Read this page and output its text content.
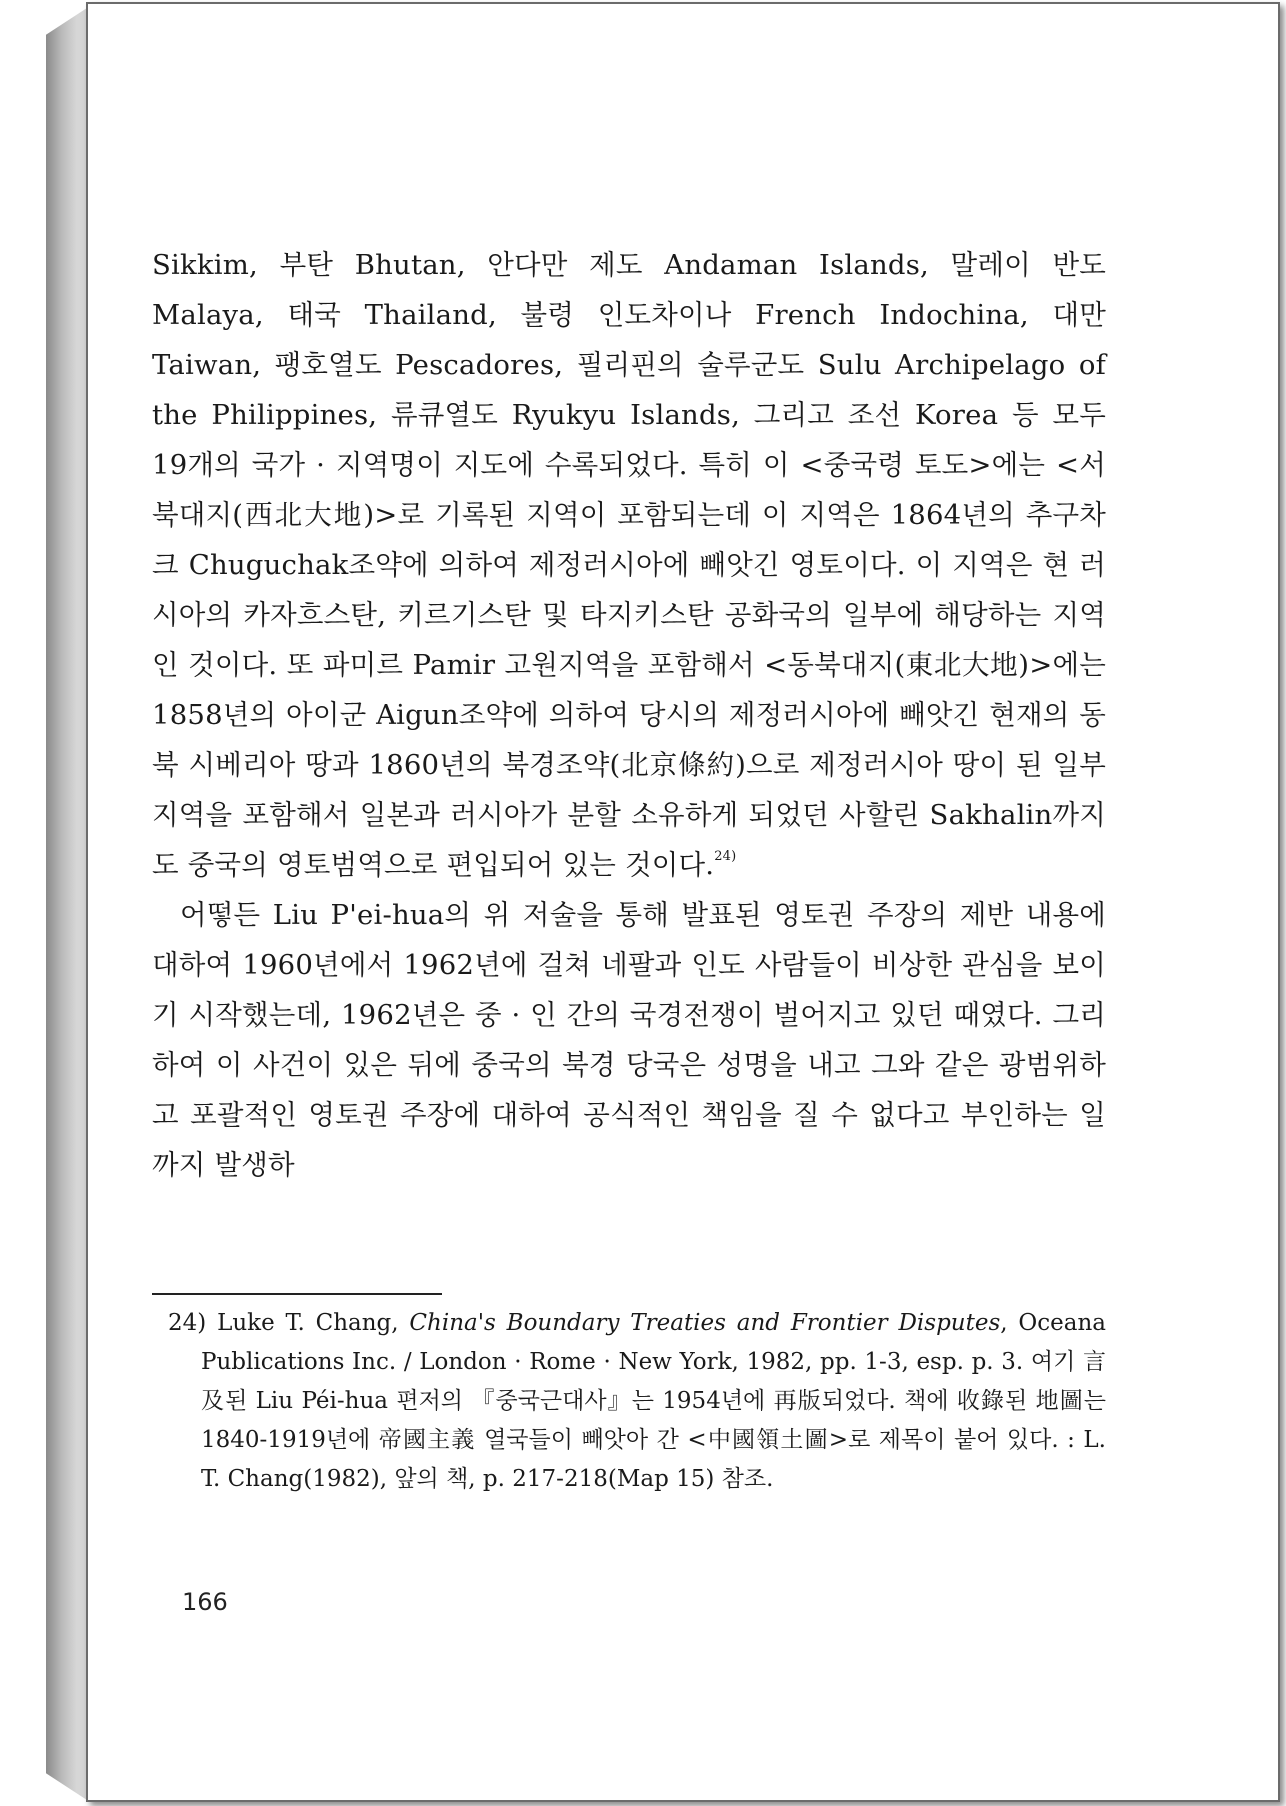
Sikkim, 부탄 Bhutan, 안다만 제도 Andaman Islands, 말레이 반도 Malaya, 태국 Thailand, 불령 인도차이나 French Indochina, 대만 Taiwan, 팽호열도 Pescadores, 필리핀의 술루군도 Sulu Archipelago of the Philippines, 류큐열도 Ryukyu Islands, 그리고 조선 Korea 등 모두 19개의 국가 · 지역명이 지도에 수록되었다. 특히 이 <중국령 토도>에는 <서북대지(西北大地)>로 기록된 지역이 포함되는데 이 지역은 1864년의 추구차크 Chuguchak조약에 의하여 제정러시아에 빼앗긴 영토이다. 이 지역은 현 러시아의 카자흐스탄, 키르기스탄 및 타지키스탄 공화국의 일부에 해당하는 지역인 것이다. 또 파미르 Pamir 고원지역을 포함해서 <동북대지(東北大地)>에는 1858년의 아이군 Aigun조약에 의하여 당시의 제정러시아에 빼앗긴 현재의 동북 시베리아 땅과 1860년의 북경조약(北京條約)으로 제정러시아 땅이 된 일부 지역을 포함해서 일본과 러시아가 분할 소유하게 되었던 사할린 Sakhalin까지도 중국의 영토범역으로 편입되어 있는 것이다.$^{24)}$

어떻든 Liu P'ei-hua의 위 저술을 통해 발표된 영토권 주장의 제반 내용에 대하여 1960년에서 1962년에 걸쳐 네팔과 인도 사람들이 비상한 관심을 보이기 시작했는데, 1962년은 중 · 인 간의 국경전쟁이 벌어지고 있던 때였다. 그리하여 이 사건이 있은 뒤에 중국의 북경 당국은 성명을 내고 그와 같은 광범위하고 포괄적인 영토권 주장에 대하여 공식적인 책임을 질 수 없다고 부인하는 일까지 발생하

24) Luke T. Chang, China's Boundary Treaties and Frontier Disputes, Oceana Publications Inc. / London · Rome · New York, 1982, pp. 1-3, esp. p. 3. 여기 言及된 Liu Péi-hua 편저의 『중국근대사』는 1954년에 再版되었다. 책에 收錄된 地圖는 1840-1919년에 帝國主義 열국들이 빼앗아 간 <中國領土圖>로 제목이 붙어 있다. : L. T. Chang(1982), 앞의 책, p. 217-218(Map 15) 참조.
166
